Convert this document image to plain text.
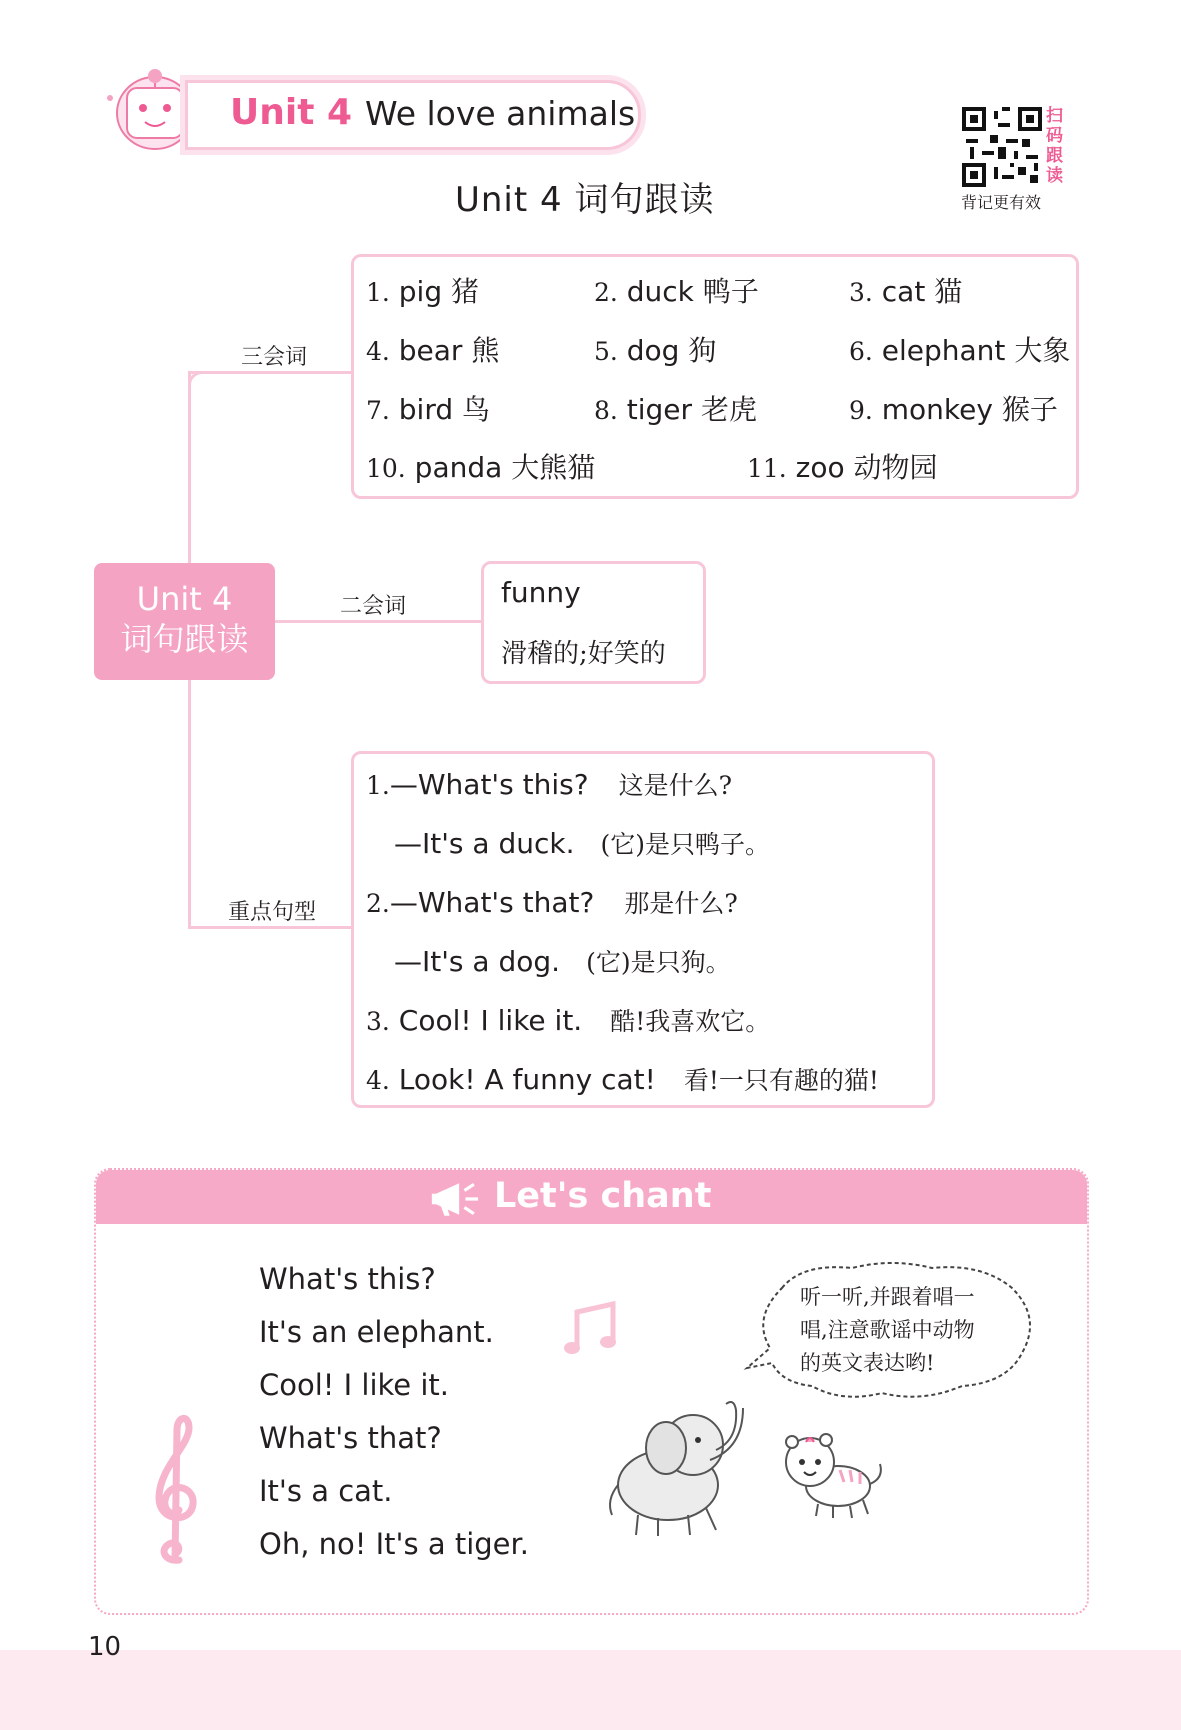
Unit 4 We love animals
Unit 4 词句跟读
扫
码
跟
读
背记更有效
三会词
二会词
重点句型
Unit 4
词句跟读
1. pig 猪	2. duck 鸭子	3. cat 猫
4. bear 熊	5. dog 狗	6. elephant 大象
7. bird 鸟	8. tiger 老虎	9. monkey 猴子
10. panda 大熊猫	11. zoo 动物园
funny
滑稽的;好笑的
1.—What's this? 这是什么?
—It's a duck. (它)是只鸭子。
2.—What's that? 那是什么?
—It's a dog. (它)是只狗。
3. Cool! I like it. 酷!我喜欢它。
4. Look! A funny cat! 看!一只有趣的猫!
Let's chant
What's this?
It's an elephant.
Cool! I like it.
What's that?
It's a cat.
Oh, no! It's a tiger.
听一听,并跟着唱一
唱,注意歌谣中动物
的英文表达哟!
10
